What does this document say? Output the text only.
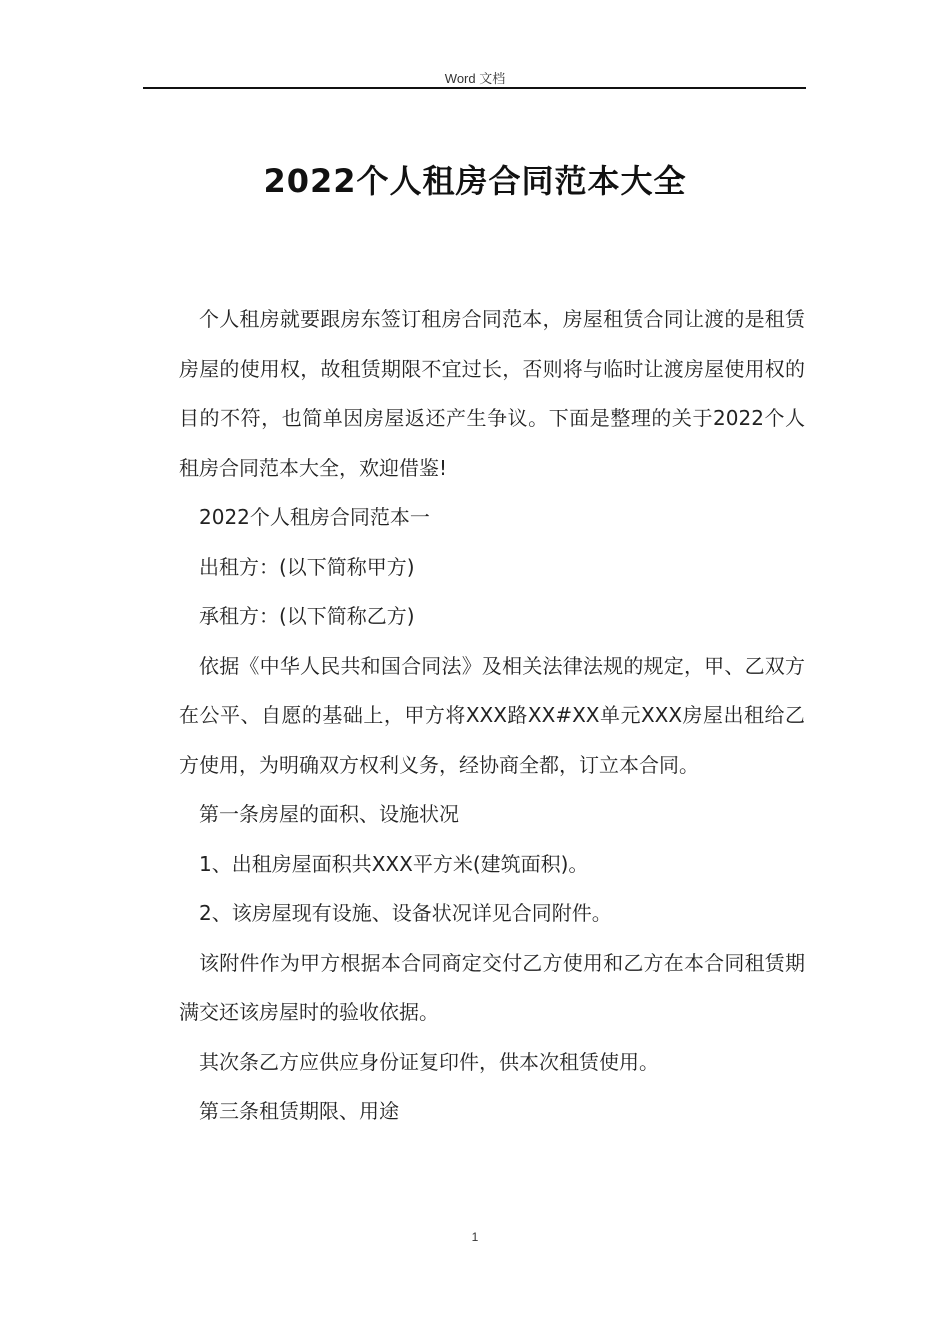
Word 文档
2022个人租房合同范本大全

个人租房就要跟房东签订租房合同范本，房屋租赁合同让渡的是租赁房屋的使用权，故租赁期限不宜过长，否则将与临时让渡房屋使用权的目的不符，也简单因房屋返还产生争议。下面是整理的关于2022个人租房合同范本大全，欢迎借鉴!

2022个人租房合同范本一

出租方：(以下简称甲方)

承租方：(以下简称乙方)

依据《中华人民共和国合同法》及相关法律法规的规定，甲、乙双方在公平、自愿的基础上，甲方将XXX路XX#XX单元XXX房屋出租给乙方使用，为明确双方权利义务，经协商全都，订立本合同。

第一条房屋的面积、设施状况

1、出租房屋面积共XXX平方米(建筑面积)。

2、该房屋现有设施、设备状况详见合同附件。

该附件作为甲方根据本合同商定交付乙方使用和乙方在本合同租赁期满交还该房屋时的验收依据。

其次条乙方应供应身份证复印件，供本次租赁使用。

第三条租赁期限、用途

1
